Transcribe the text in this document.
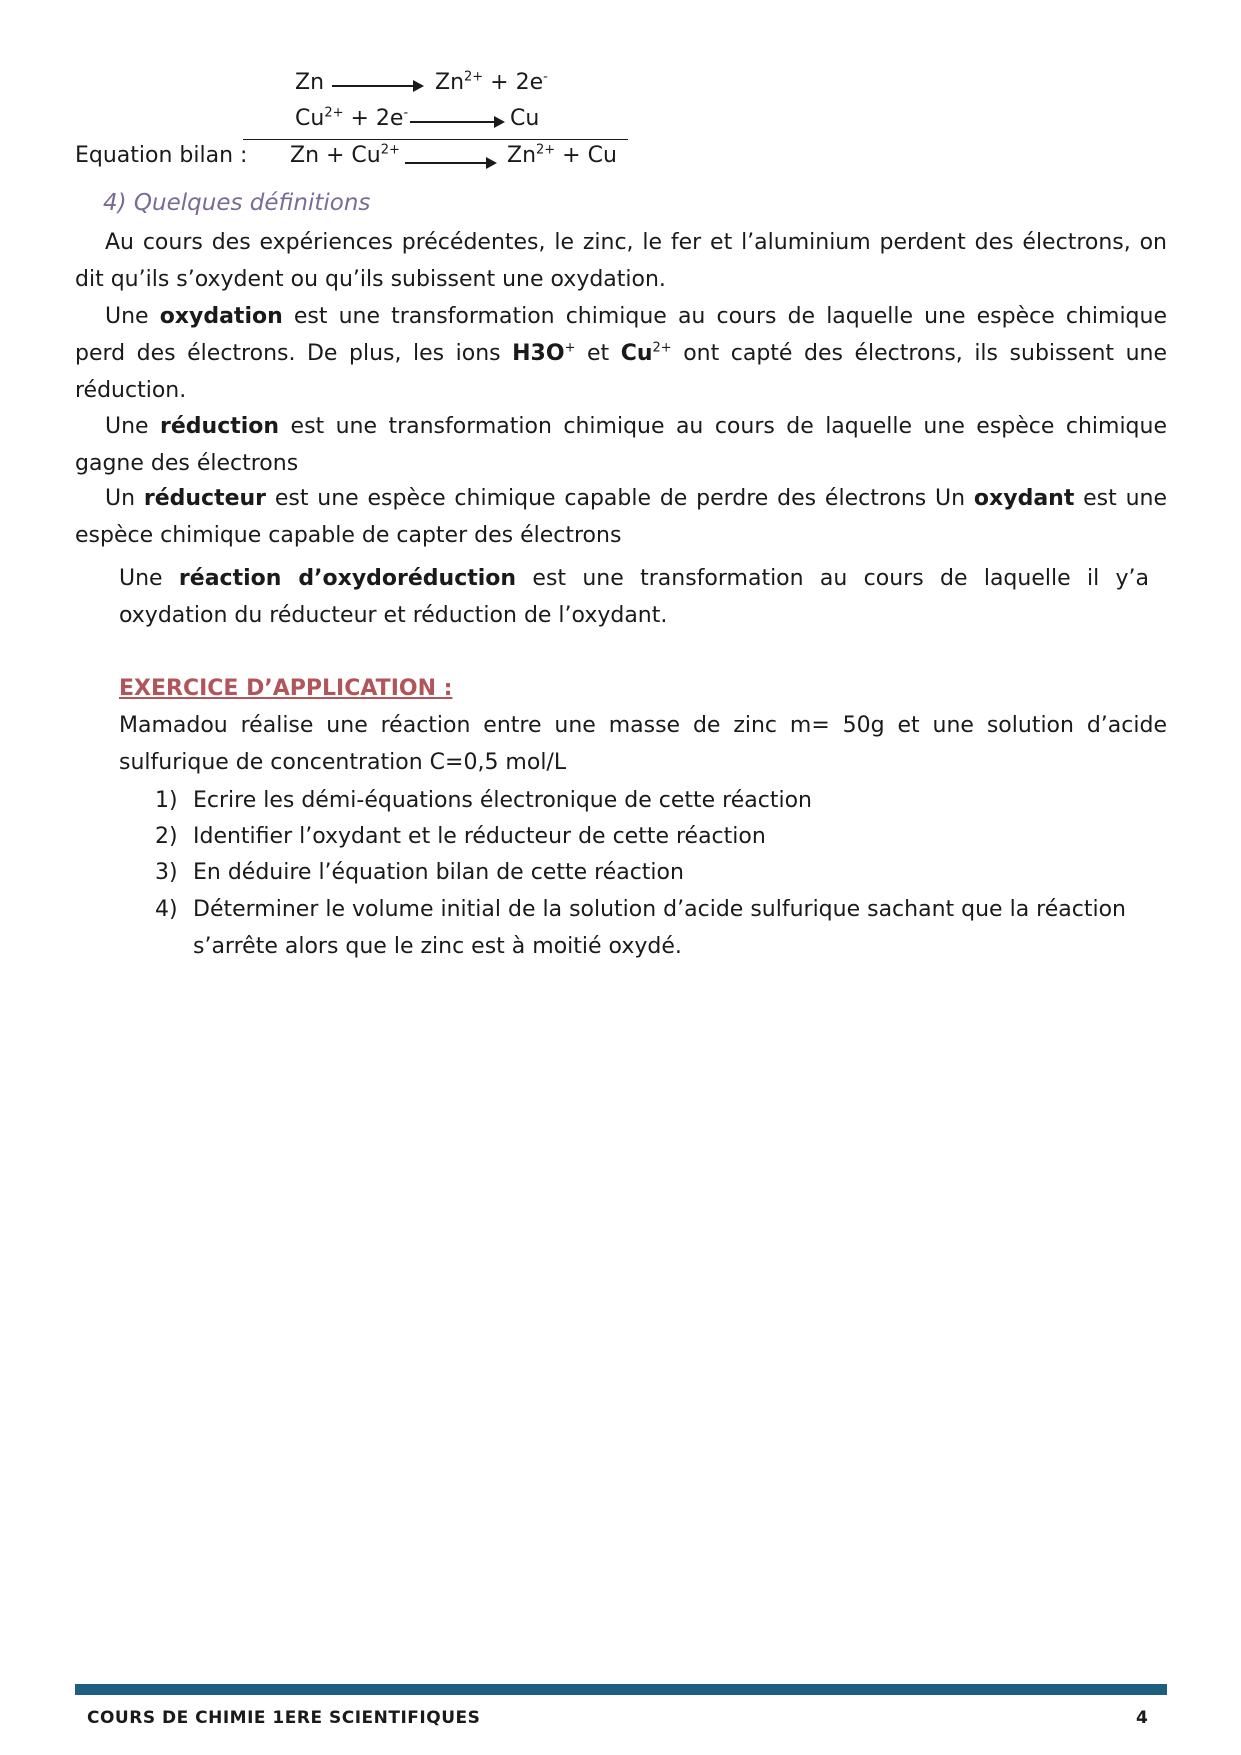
Zn	$Zn^{2+} + 2e^-$
$Cu^{2+} + 2e^-$	Cu
Equation bilan : $Zn + Cu^{2+}$	$Zn^{2+} + Cu$
4) Quelques définitions
Au cours des expériences précédentes, le zinc, le fer et l’aluminium perdent des électrons, on dit qu’ils s’oxydent ou qu’ils subissent une oxydation.
Une oxydation est une transformation chimique au cours de laquelle une espèce chimique perd des électrons. De plus, les ions H3O+ et $Cu^{2+}$ ont capté des électrons, ils subissent une réduction.
Une réduction est une transformation chimique au cours de laquelle une espèce chimique gagne des électrons
Un réducteur est une espèce chimique capable de perdre des électrons Un oxydant est une espèce chimique capable de capter des électrons
Une réaction d’oxydoréduction est une transformation au cours de laquelle il y’a oxydation du réducteur et réduction de l’oxydant.
EXERCICE D’APPLICATION :
Mamadou réalise une réaction entre une masse de zinc m= 50g et une solution d’acide sulfurique de concentration C=0,5 mol/L
1) Ecrire les démi-équations électronique de cette réaction
2) Identifier l’oxydant et le réducteur de cette réaction
3) En déduire l’équation bilan de cette réaction
4) Déterminer le volume initial de la solution d’acide sulfurique sachant que la réaction s’arrête alors que le zinc est à moitié oxydé.
COURS DE CHIMIE 1ERE SCIENTIFIQUES	4
